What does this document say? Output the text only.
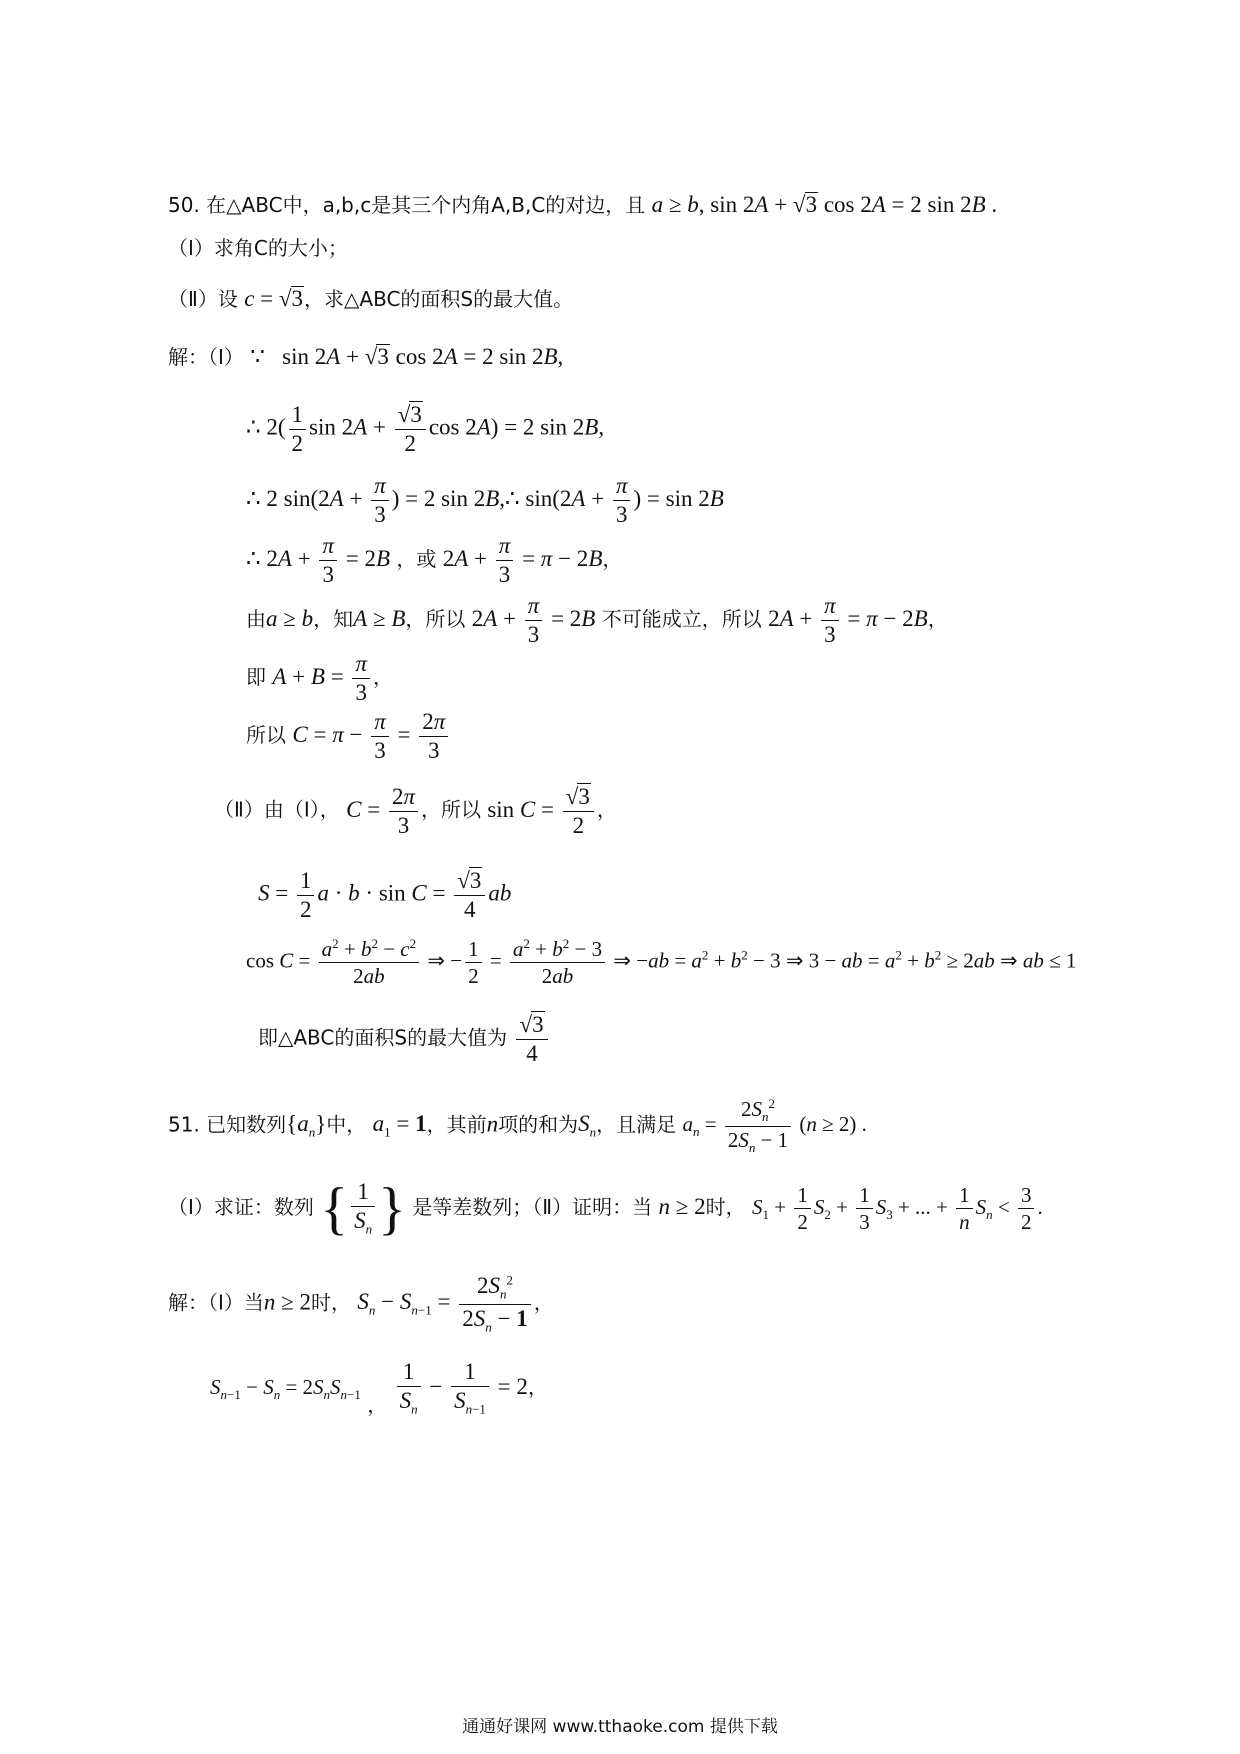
50. 在△ABC中，a,b,c是其三个内角A,B,C的对边，且 a ≥ b, sin 2A + √3 cos 2A = 2 sin 2B .
（Ⅰ）求角C的大小；
（Ⅱ）设 c = √3，求△ABC的面积S的最大值。
解：（Ⅰ） ∵   sin 2A + √3 cos 2A = 2 sin 2B,
∴ $2( \frac{1}{2}$ $\sin 2A + \frac{√3}{2}$ cos 2A) = 2 sin 2B,
∴ 2 $\sin(2A + \frac{\pi}{3}$ ) = 2 sin 2B,∴ $\sin(2A + \frac{\pi}{3}$ ) = sin 2B
∴ $2A + \frac{\pi}{3} = 2B$ ，或 $2A + \frac{\pi}{3} = \pi - 2B$，
由a ≥ b，知A ≥ B，所以 $2A + \frac{\pi}{3} = 2B$ 不可能成立，所以 $2A + \frac{\pi}{3} = \pi - 2B$，
即 $A + B = \frac{\pi}{3}$ ，
所以 $C = \pi - \frac{\pi}{3} = \frac{2\pi}{3}$
（Ⅱ）由（Ⅰ）， $C = \frac{2\pi}{3}$ ，所以 $\sin C = \frac{√3}{2}$ ，
$S = \frac{1}{2}$ $a \cdot b \cdot \sin C = \frac{√3}{4}$ ab
$\cos C = \frac{a^2 + b^2 - c^2}{2ab}$ ⇒ − $\frac{1}{2} = \frac{a^2 + b^2 - 3}{2ab}$ ⇒ $-ab = a^2 + b^2 - 3$ ⇒ 3 − ab = $a^2 + b^2 \ge 2ab$ ⇒ ab ≤ 1
即△ABC的面积S的最大值为 $\frac{√3}{4}$
51. 已知数列$\{a_n\}$中， $a_1 = 1$，其前n项的和为$S_n$，且满足 $a_n = \frac{2S_n^2}{2S_n - 1} (n \ge 2)$ .
（Ⅰ）求证：数列 { $\frac{1}{S_n}$ } 是等差数列；（Ⅱ）证明：当 n ≥ 2时， $S_1 + \frac{1}{2} S_2 + \frac{1}{3} S_3$ + ... + $\frac{1}{n} S_n < \frac{3}{2}$ .
解：（Ⅰ）当n ≥ 2时， $S_n - S_{n-1} = \frac{2S_n^2}{2S_n - 1}$ ，
$S_{n-1} - S_n = 2S_nS_{n-1}$ ， $\frac{1}{S_n} - \frac{1}{S_{n-1}} = 2$，
通通好课网 www.tthaoke.com 提供下载
